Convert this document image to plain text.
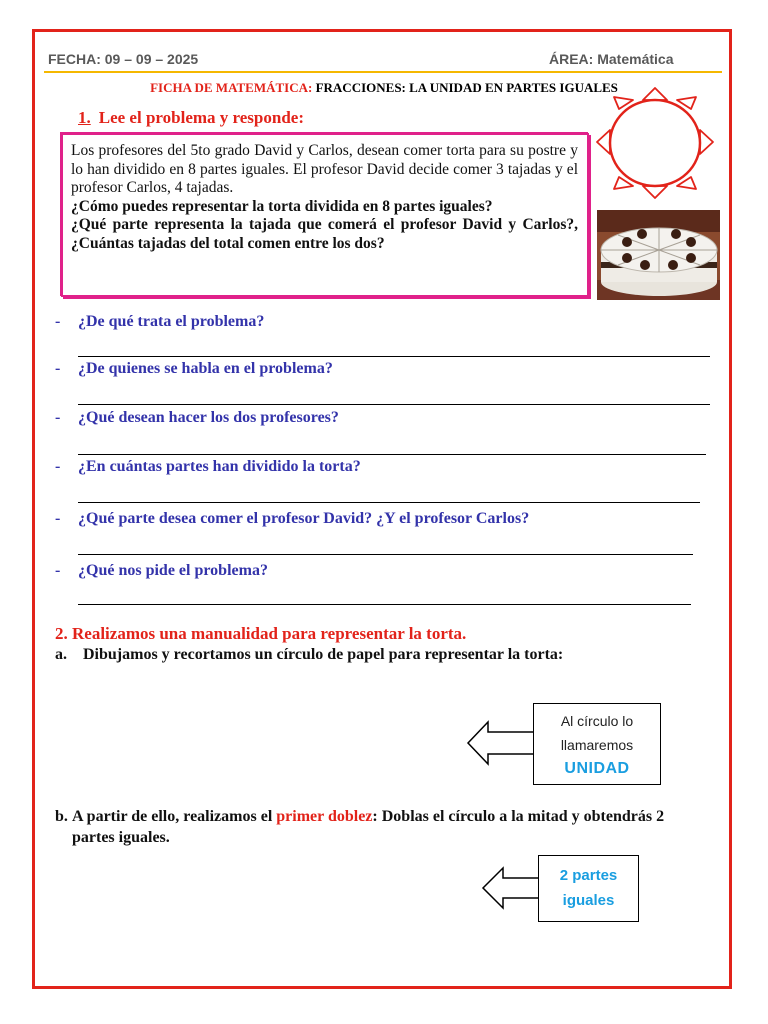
FECHA: 09 – 09 – 2025	ÁREA: Matemática
FICHA DE MATEMÁTICA: FRACCIONES: LA UNIDAD EN PARTES IGUALES
1. Lee el problema y responde:

Los profesores del 5to grado David y Carlos, desean comer torta para su postre y lo han dividido en 8 partes iguales. El profesor David decide comer 3 tajadas y el profesor Carlos, 4 tajadas.

¿Cómo puedes representar la torta dividida en 8 partes iguales?

¿Qué parte representa la tajada que comerá el profesor David y Carlos?, ¿Cuántas tajadas del total comen entre los dos?

- ¿De qué trata el problema?
- ¿De quienes se habla en el problema?
- ¿Qué desean hacer los dos profesores?
- ¿En cuántas partes han dividido la torta?
- ¿Qué parte desea comer el profesor David? ¿Y el profesor Carlos?
- ¿Qué nos pide el problema?
2. Realizamos una manualidad para representar la torta.
a. Dibujamos y recortamos un círculo de papel para representar la torta:
Al círculo lo
llamaremos
UNIDAD
b. A partir de ello, realizamos el primer doblez: Doblas el círculo a la mitad y obtendrás 2 partes iguales.
2 partes
iguales
